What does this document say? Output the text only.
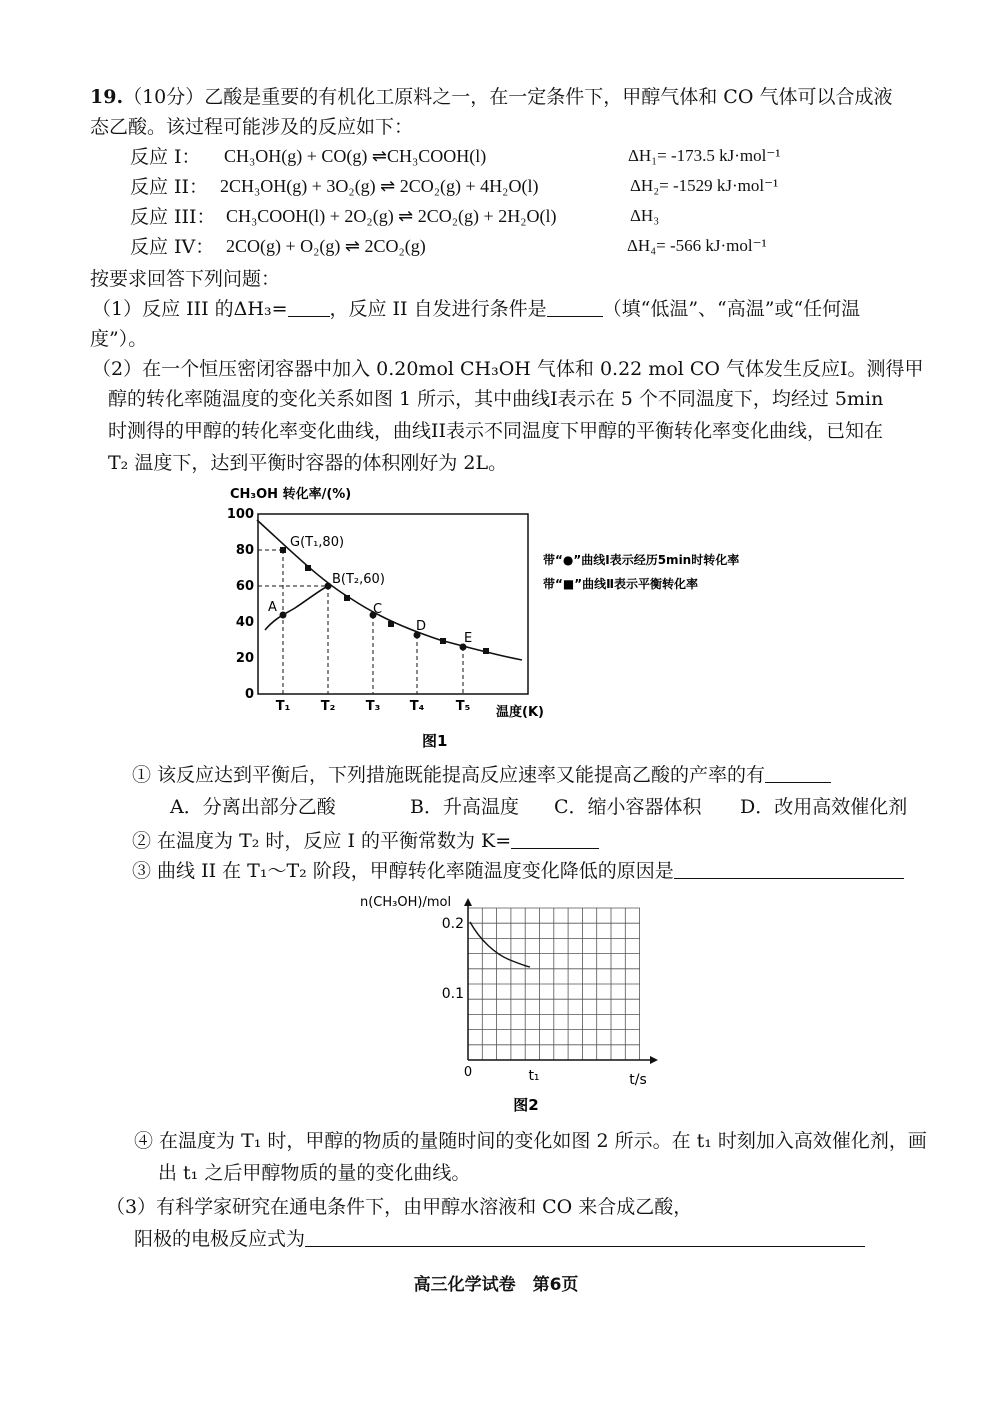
19.（10分）乙酸是重要的有机化工原料之一，在一定条件下，甲醇气体和 CO 气体可以合成液
态乙酸。该过程可能涉及的反应如下：
反应 I： CH₃OH(g) + CO(g) ⇌CH₃COOH(l)	ΔH₁= -173.5 kJ·mol⁻¹
反应 II： 2CH₃OH(g) + 3O₂(g) ⇌ 2CO₂(g) + 4H₂O(l)	ΔH₂= -1529 kJ·mol⁻¹
反应 III： CH₃COOH(l) + 2O₂(g) ⇌ 2CO₂(g) + 2H₂O(l)	ΔH₃
反应 IV： 2CO(g) + O₂(g) ⇌ 2CO₂(g)	ΔH₄= -566 kJ·mol⁻¹
按要求回答下列问题：
（1）反应 III 的ΔH₃= ，反应 II 自发进行条件是	（填“低温”、“高温”或“任何温
度”）。
（2）在一个恒压密闭容器中加入 0.20mol CH₃OH 气体和 0.22 mol CO 气体发生反应I。测得甲
醇的转化率随温度的变化关系如图 1 所示，其中曲线I表示在 5 个不同温度下，均经过 5min
时测得的甲醇的转化率变化曲线，曲线II表示不同温度下甲醇的平衡转化率变化曲线，已知在
T₂ 温度下，达到平衡时容器的体积刚好为 2L。
CH₃OH 转化率/(%)
100
80
60
40
20
0
G(T₁,80)
B(T₂,60)
A	C
D
E
T₁ T₂ T₃ T₄ T₅ 温度(K)
图1
带“●”曲线Ⅰ表示经历5min时转化率
带“■”曲线Ⅱ表示平衡转化率
① 该反应达到平衡后，下列措施既能提高反应速率又能提高乙酸的产率的有
A．分离出部分乙酸	B．升高温度 C．缩小容器体积 D．改用高效催化剂
② 在温度为 T₂ 时，反应 I 的平衡常数为 K=
③ 曲线 II 在 T₁～T₂ 阶段，甲醇转化率随温度变化降低的原因是
n(CH₃OH)/mol
0.2
0.1
0	t₁	t/s
图2
④ 在温度为 T₁ 时，甲醇的物质的量随时间的变化如图 2 所示。在 t₁ 时刻加入高效催化剂，画
出 t₁ 之后甲醇物质的量的变化曲线。
（3）有科学家研究在通电条件下，由甲醇水溶液和 CO 来合成乙酸，
阳极的电极反应式为
高三化学试卷　第6页
